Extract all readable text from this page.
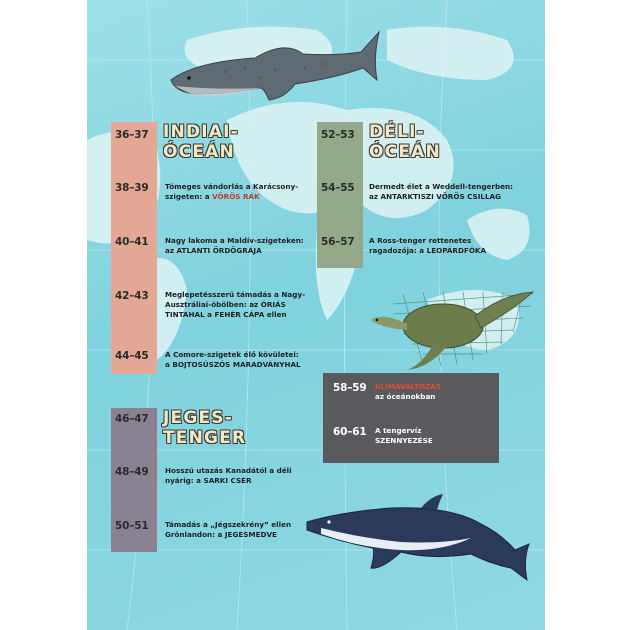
36–37 INDIAI-
ÓCEÁN
38–39 Tömeges vándorlás a Karácsony-
szigeten: a VÖRÖS RÁK
40–41 Nagy lakoma a Maldív-szigeteken:
az ATLANTI ÖRDÖGRÁJA
42–43 Meglepetésszerű támadás a Nagy-
Ausztráliai-öbölben: az ÓRIÁS
TINTAHAL a FEHÉR CÁPA ellen
44–45 A Comore-szigetek élő kövületei:
a BOJTOSÚSZÓS MARADVÁNYHAL
46–47 JEGES-
TENGER
48–49 Hosszú utazás Kanadától a déli
nyárig: a SARKI CSÉR
50–51 Támadás a „Jégszekrény” ellen
Grönlandon: a JEGESMEDVE
52–53 DÉLI-
ÓCEÁN
54–55 Dermedt élet a Weddell-tengerben:
az ANTARKTISZI VÖRÖS CSILLAG
56–57 A Ross-tenger rettenetes
ragadozója: a LEOPÁRDFÓKA
58–59 KLÍMAVÁLTOZÁS
az óceánokban
60–61 A tengervíz
SZENNYEZÉSE
